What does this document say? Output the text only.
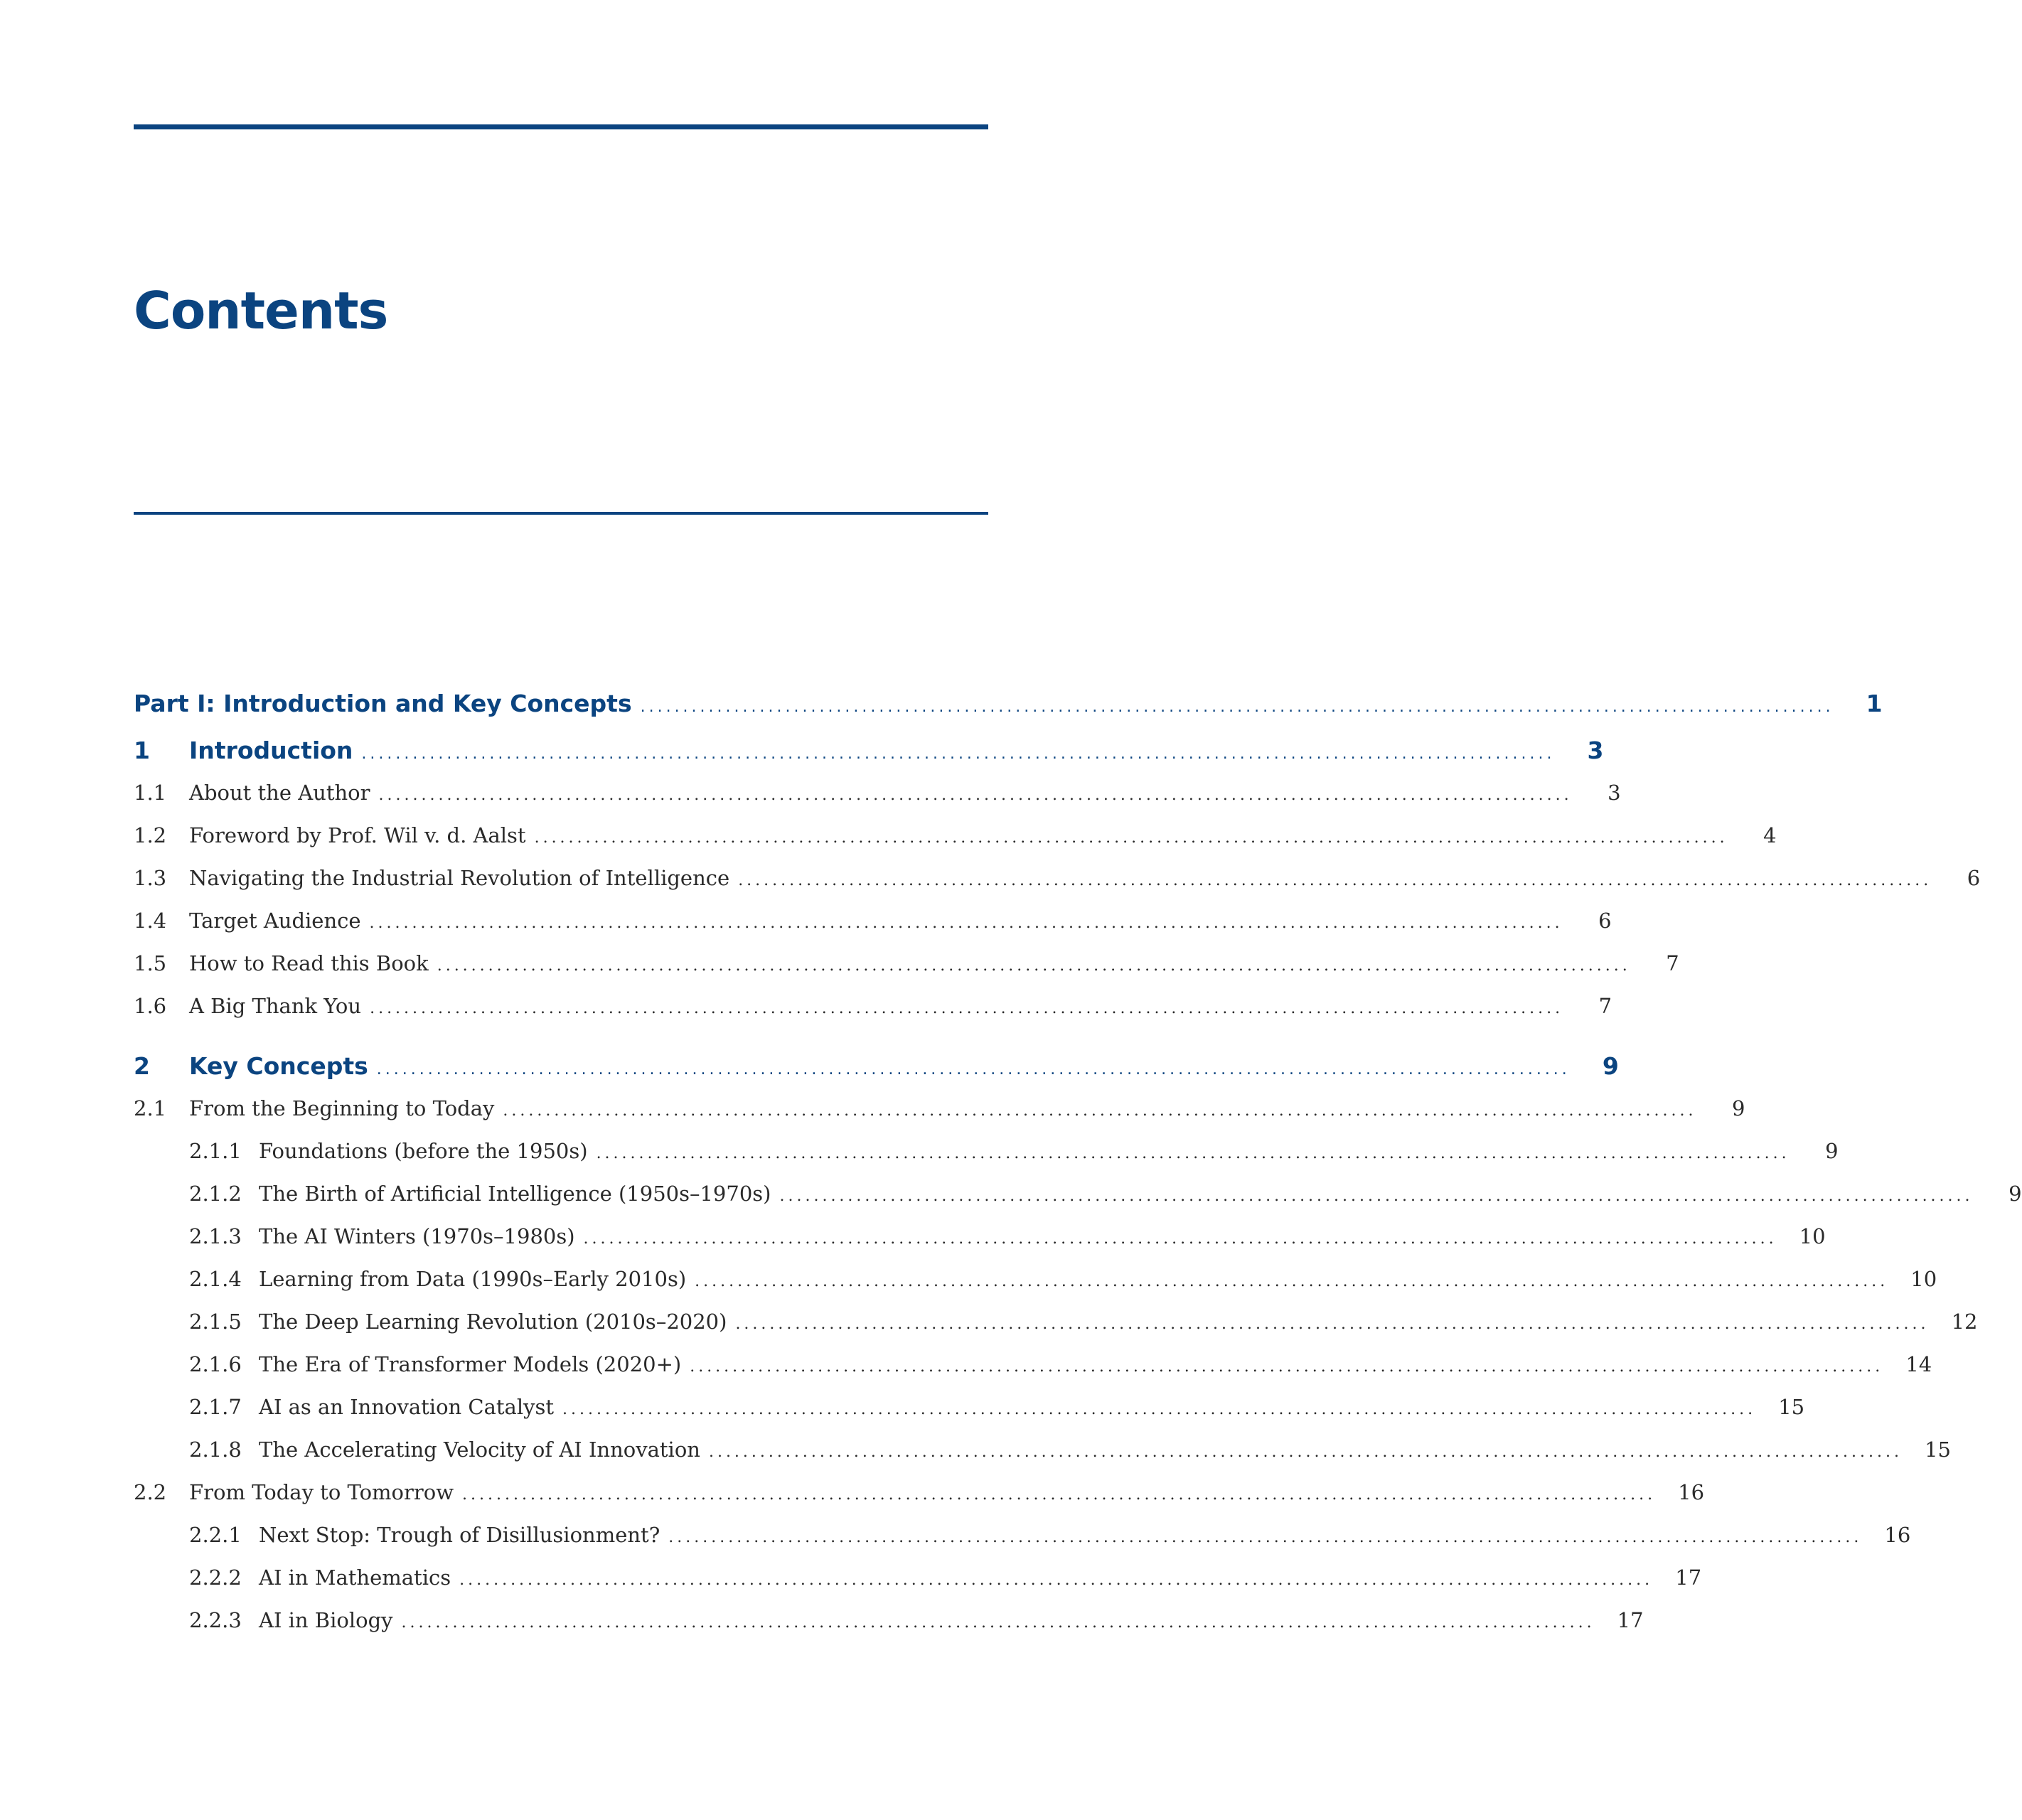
Contents
Part I: Introduction and Key Concepts ............................................................................................................................................	1
1	Introduction ............................................................................................................................................	3
1.1	About the Author ............................................................................................................................................	3
1.2	Foreword by Prof. Wil v. d. Aalst ............................................................................................................................................	4
1.3	Navigating the Industrial Revolution of Intelligence ............................................................................................................................................	6
1.4	Target Audience ............................................................................................................................................	6
1.5	How to Read this Book ............................................................................................................................................	7
1.6	A Big Thank You ............................................................................................................................................	7
2	Key Concepts ............................................................................................................................................	9
2.1	From the Beginning to Today ............................................................................................................................................	9
2.1.1 Foundations (before the 1950s) ............................................................................................................................................	9
2.1.2 The Birth of Artificial Intelligence (1950s–1970s) ............................................................................................................................................	9
2.1.3 The AI Winters (1970s–1980s) ............................................................................................................................................	10
2.1.4 Learning from Data (1990s–Early 2010s) ............................................................................................................................................	10
2.1.5 The Deep Learning Revolution (2010s–2020) ............................................................................................................................................	12
2.1.6 The Era of Transformer Models (2020+) ............................................................................................................................................	14
2.1.7 AI as an Innovation Catalyst ............................................................................................................................................	15
2.1.8 The Accelerating Velocity of AI Innovation ............................................................................................................................................	15
2.2	From Today to Tomorrow ............................................................................................................................................	16
2.2.1 Next Stop: Trough of Disillusionment? ............................................................................................................................................	16
2.2.2 AI in Mathematics ............................................................................................................................................	17
2.2.3 AI in Biology ............................................................................................................................................	17
